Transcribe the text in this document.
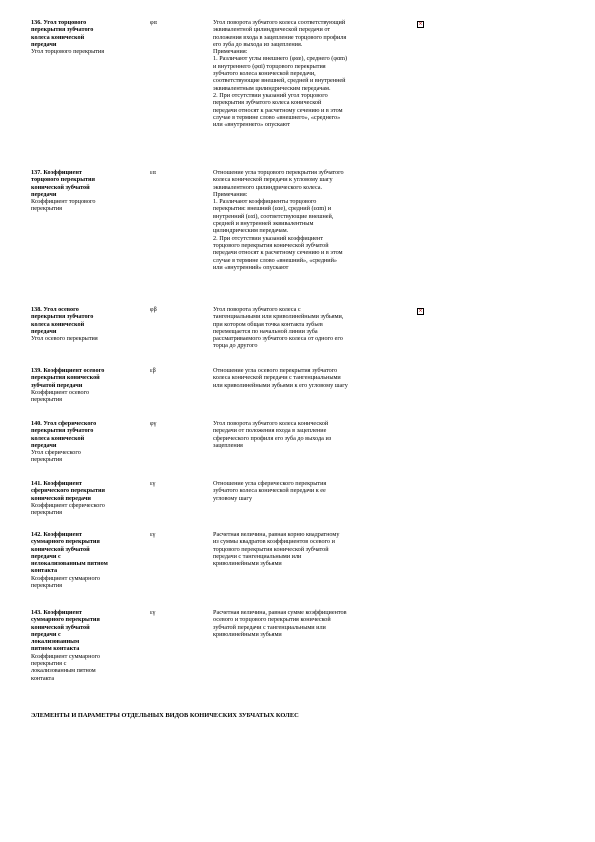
136. Угол торцового
перекрытия зубчатого
колеса конической
передачи
Угол торцового перекрытия

φα	Угол поворота зубчатого колеса соответствующий
эквивалентной цилиндрической передачи от
положения входа в зацепление торцового профиля
его зуба до выхода из зацепления.
Примечания:
1. Различают углы внешнего (φαe), среднего (φαm)
и внутреннего (φαi) торцового перекрытия
зубчатого колеса конической передачи,
соответствующие внешней, средней и внутренней
эквивалентным цилиндрическим передачам.
2. При отсутствии указаний угол торцового
перекрытия зубчатого колеса конической
передачи относят к расчетному сечению и в этом
случае в термине слово «внешнего», «среднего»
или «внутреннего» опускают

×

137. Коэффициент
торцового перекрытия
конической зубчатой
передачи
Коэффициент торцового
перекрытия

εα	Отношение угла торцового перекрытия зубчатого
колеса конической передачи к угловому шагу
эквивалентного цилиндрического колеса.
Примечания:
1. Различают коэффициенты торцового
перекрытия: внешний (εαe), средний (εαm) и
внутренний (εαi), соответствующие внешней,
средней и внутренней эквивалентным
цилиндрическим передачам.
2. При отсутствии указаний коэффициент
торцового перекрытия конической зубчатой
передачи относят к расчетному сечению и в этом
случае в термине слово «внешний», «средний»
или «внутренний» опускают

138. Угол осевого
перекрытия зубчатого
колеса конической
передачи
Угол осевого перекрытия

φβ	Угол поворота зубчатого колеса с
тангенциальными или криволинейными зубьями,
при котором общая точка контакта зубьев
перемещается по начальной линии зуба
рассматриваемого зубчатого колеса от одного его
торца до другого

×

139. Коэффициент осевого
перекрытия конической
зубчатой передачи
Коэффициент осевого
перекрытия

εβ	Отношение угла осевого перекрытия зубчатого
колеса конической передачи с тангенциальными
или криволинейными зубьями к его угловому шагу

140. Угол сферического
перекрытия зубчатого
колеса конической
передачи
Угол сферического
перекрытия

φγ	Угол поворота зубчатого колеса конической
передачи от положения входа в зацепление
сферического профиля его зуба до выхода из
зацепления

141. Коэффициент
сферического перекрытия
конической передачи
Коэффициент сферического
перекрытия

εγ	Отношение угла сферического перекрытия
зубчатого колеса конической передачи к ее
угловому шагу

142. Коэффициент
суммарного перекрытия
конической зубчатой
передачи с
нелокализованным пятном
контакта
Коэффициент суммарного
перекрытия

εγ	Расчетная величина, равная корню квадратному
из суммы квадратов коэффициентов осевого и
торцового перекрытия конической зубчатой
передачи с тангенциальными или
криволинейными зубьями

143. Коэффициент
суммарного перекрытия
конической зубчатой
передачи с
локализованным
пятном контакта
Коэффициент суммарного
перекрытия с
локализованным пятном
контакта

εγ	Расчетная величина, равная сумме коэффициентов
осевого и торцового перекрытия конической
зубчатой передачи с тангенциальными или
криволинейными зубьями

ЭЛЕМЕНТЫ И ПАРАМЕТРЫ ОТДЕЛЬНЫХ ВИДОВ КОНИЧЕСКИХ ЗУБЧАТЫХ КОЛЕС
